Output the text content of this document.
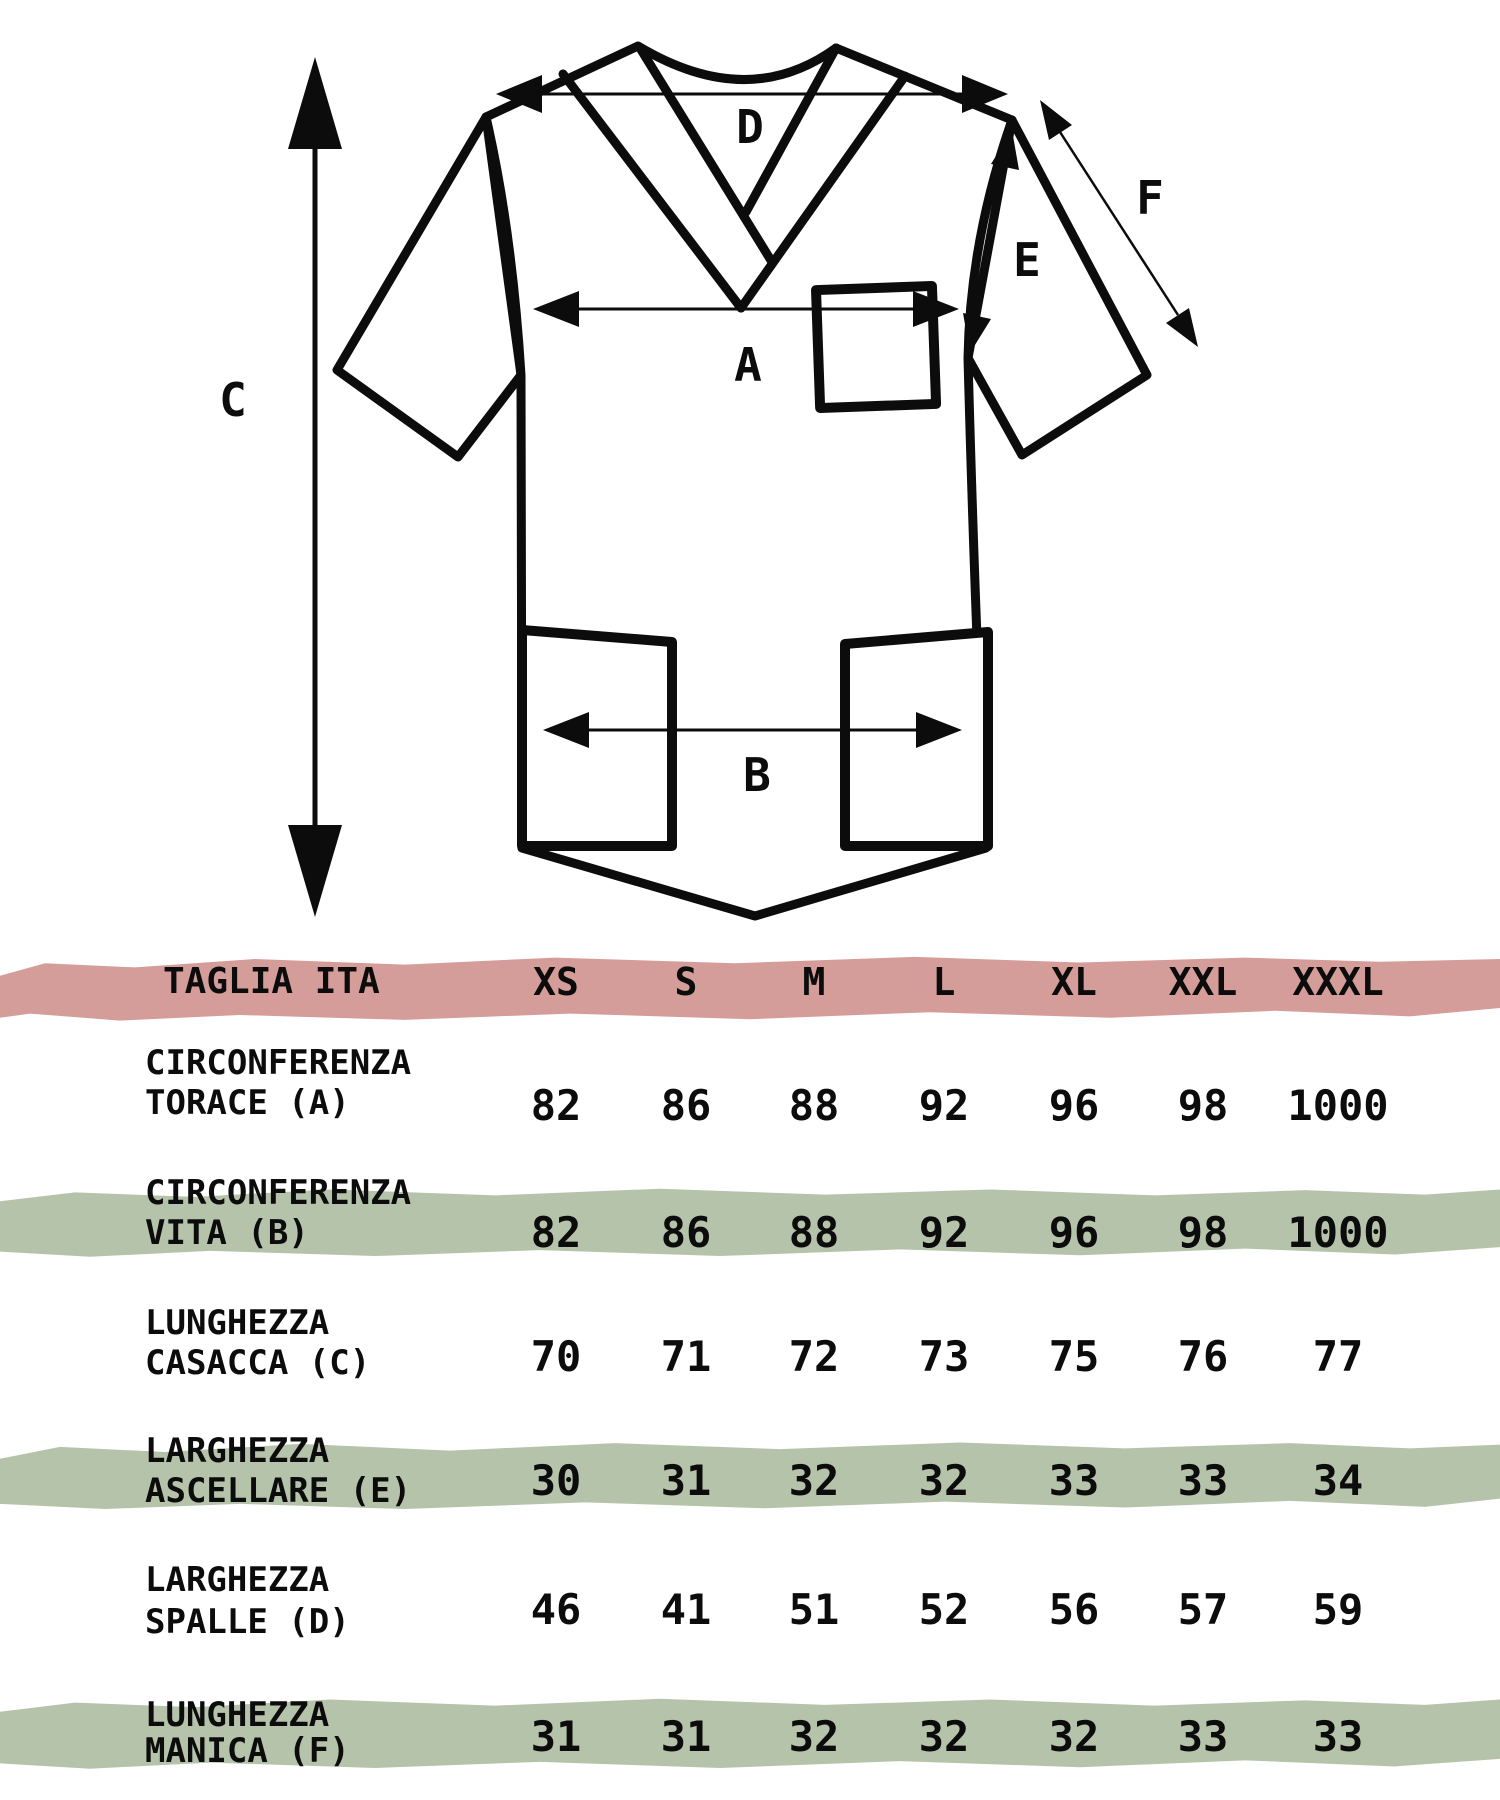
C
D
A
B
E
F
TAGLIA ITA	XS	S	M	L	XL	XXL	XXXL
CIRCONFERENZA
TORACE (A)	82	86	88	92	96	98	1000
CIRCONFERENZA
VITA (B)	82	86	88	92	96	98	1000
LUNGHEZZA
CASACCA (C)	70	71	72	73	75	76	77
LARGHEZZA
ASCELLARE (E)	30	31	32	32	33	33	34
LARGHEZZA
SPALLE (D)	46	41	51	52	56	57	59
LUNGHEZZA
MANICA (F)	31	31	32	32	32	33	33
